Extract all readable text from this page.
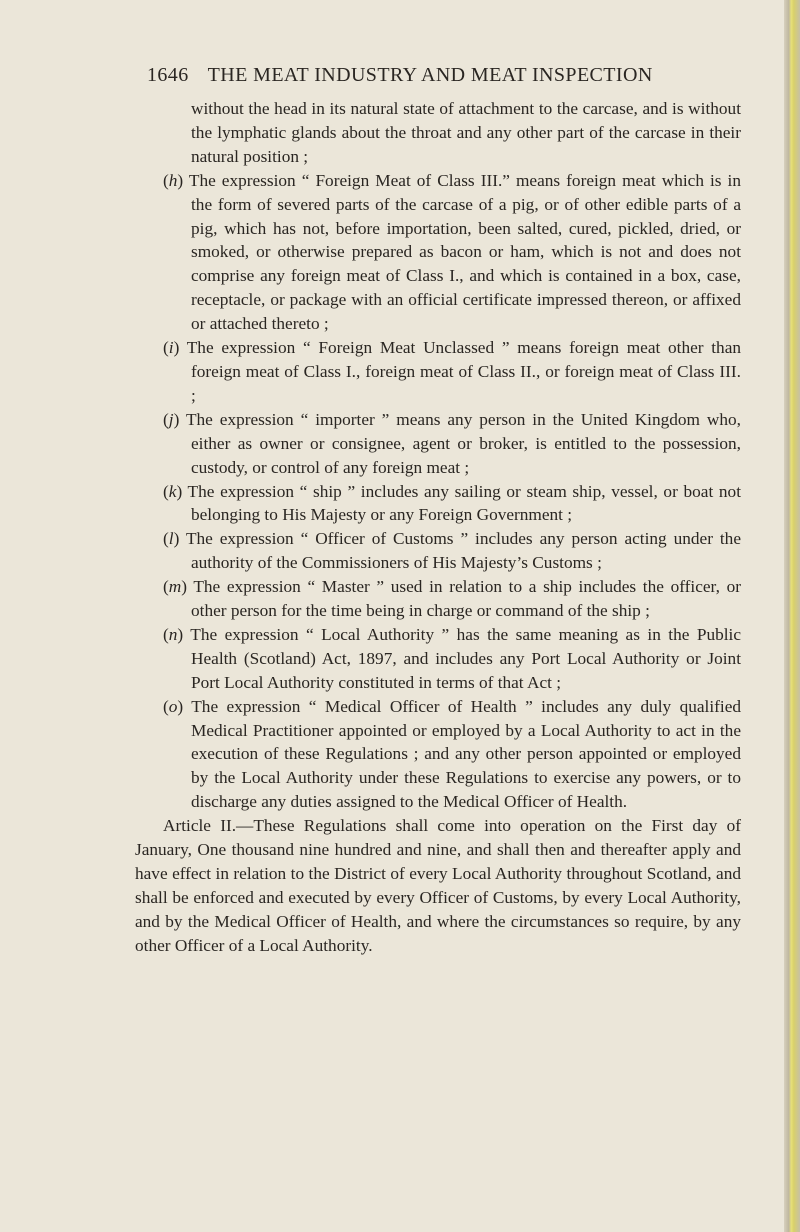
1646 THE MEAT INDUSTRY AND MEAT INSPECTION

without the head in its natural state of attachment to the carcase, and is without the lymphatic glands about the throat and any other part of the carcase in their natural position ;

(h) The expression “ Foreign Meat of Class III.” means foreign meat which is in the form of severed parts of the carcase of a pig, or of other edible parts of a pig, which has not, before importation, been salted, cured, pickled, dried, or smoked, or otherwise prepared as bacon or ham, which is not and does not comprise any foreign meat of Class I., and which is contained in a box, case, receptacle, or package with an official certificate impressed thereon, or affixed or attached thereto ;

(i) The expression “ Foreign Meat Unclassed ” means foreign meat other than foreign meat of Class I., foreign meat of Class II., or foreign meat of Class III. ;

(j) The expression “ importer ” means any person in the United Kingdom who, either as owner or consignee, agent or broker, is entitled to the possession, custody, or control of any foreign meat ;

(k) The expression “ ship ” includes any sailing or steam ship, vessel, or boat not belonging to His Majesty or any Foreign Government ;

(l) The expression “ Officer of Customs ” includes any person acting under the authority of the Commissioners of His Majesty’s Customs ;

(m) The expression “ Master ” used in relation to a ship includes the officer, or other person for the time being in charge or command of the ship ;

(n) The expression “ Local Authority ” has the same meaning as in the Public Health (Scotland) Act, 1897, and includes any Port Local Authority or Joint Port Local Authority constituted in terms of that Act ;

(o) The expression “ Medical Officer of Health ” includes any duly qualified Medical Practitioner appointed or employed by a Local Authority to act in the execution of these Regulations ; and any other person appointed or employed by the Local Authority under these Regulations to exercise any powers, or to discharge any duties assigned to the Medical Officer of Health.

Article II.—These Regulations shall come into operation on the First day of January, One thousand nine hundred and nine, and shall then and thereafter apply and have effect in relation to the District of every Local Authority throughout Scotland, and shall be enforced and executed by every Officer of Customs, by every Local Authority, and by the Medical Officer of Health, and where the circumstances so require, by any other Officer of a Local Authority.
